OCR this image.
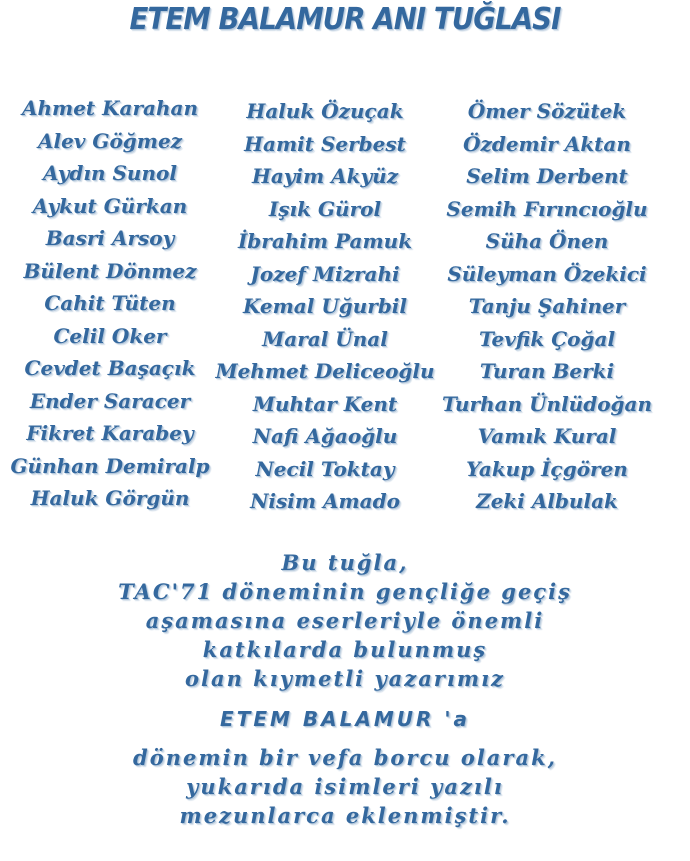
ETEM BALAMUR ANI TUĞLASI
Ahmet Karahan
Alev Göğmez
Aydın Sunol
Aykut Gürkan
Basri Arsoy
Bülent Dönmez
Cahit Tüten
Celil Oker
Cevdet Başaçık
Ender Saracer
Fikret Karabey
Günhan Demiralp
Haluk Görgün
Haluk Özuçak
Hamit Serbest
Hayim Akyüz
Işık Gürol
İbrahim Pamuk
Jozef Mizrahi
Kemal Uğurbil
Maral Ünal
Mehmet Deliceoğlu
Muhtar Kent
Nafi Ağaoğlu
Necil Toktay
Nisim Amado
Ömer Sözütek
Özdemir Aktan
Selim Derbent
Semih Fırıncıoğlu
Süha Önen
Süleyman Özekici
Tanju Şahiner
Tevfik Çoğal
Turan Berki
Turhan Ünlüdoğan
Vamık Kural
Yakup İçgören
Zeki Albulak
Bu tuğla,
TAC'71 döneminin gençliğe geçiş
aşamasına eserleriyle önemli
katkılarda bulunmuş
olan kıymetli yazarımız
ETEM BALAMUR 'a
dönemin bir vefa borcu olarak,
yukarıda isimleri yazılı
mezunlarca eklenmiştir.
